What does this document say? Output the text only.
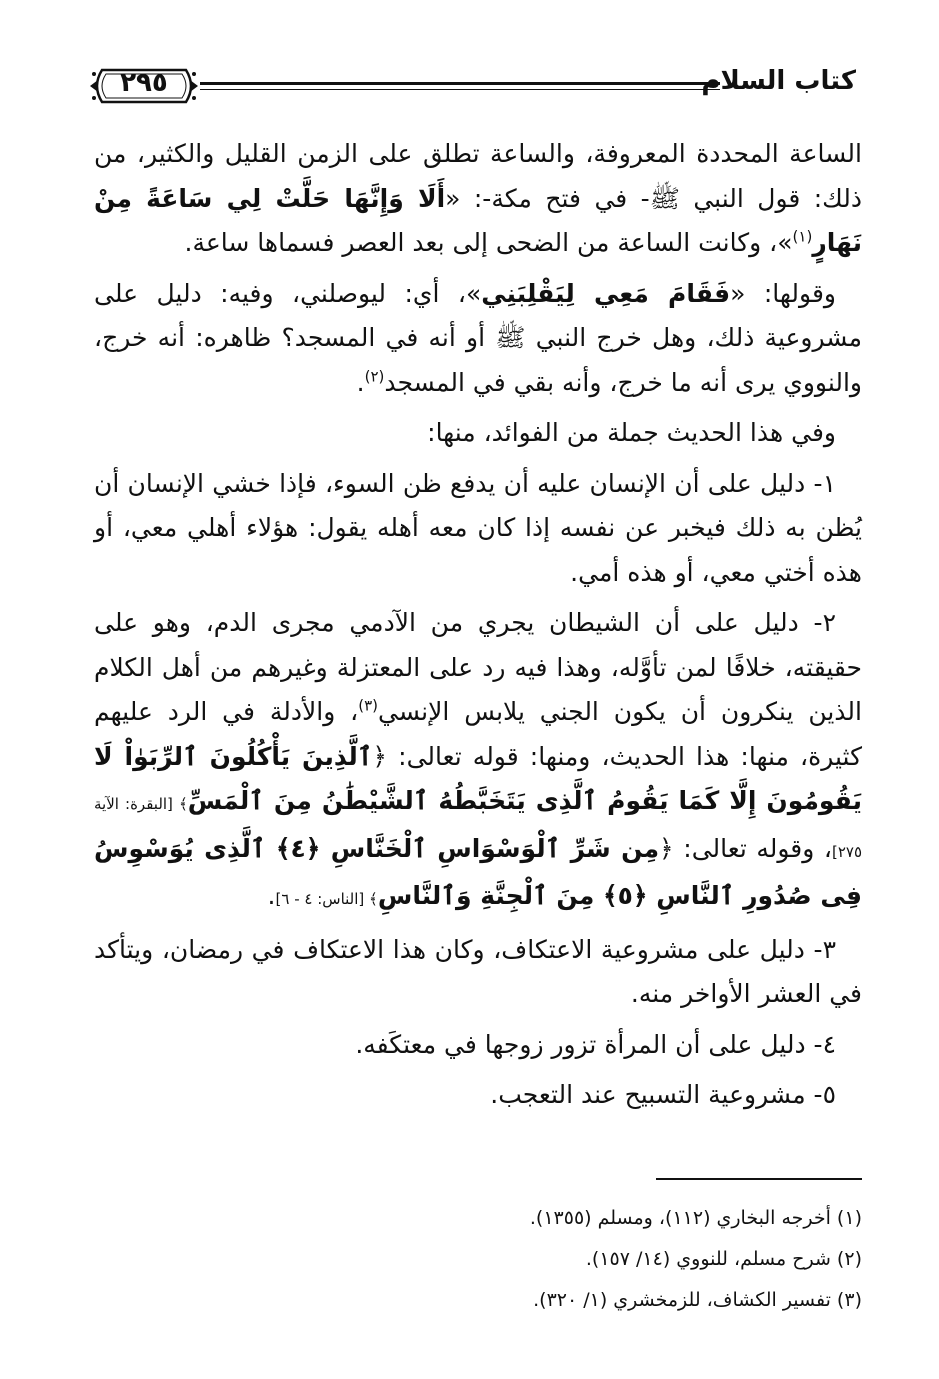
٢٩٥	كتاب السلام

الساعة المحددة المعروفة، والساعة تطلق على الزمن القليل والكثير، من ذلك: قول النبي ﷺ- في فتح مكة-: «أَلَا وَإِنَّهَا حَلَّتْ لِي سَاعَةً مِنْ نَهَارٍ$^{(١)}$»، وكانت الساعة من الضحى إلى بعد العصر فسماها ساعة.

وقولها: «فَقَامَ مَعِي لِيَقْلِبَنِي»، أي: ليوصلني، وفيه: دليل على مشروعية ذلك، وهل خرج النبي ﷺ أو أنه في المسجد؟ ظاهره: أنه خرج، والنووي يرى أنه ما خرج، وأنه بقي في المسجد$^{(٢)}$.

وفي هذا الحديث جملة من الفوائد، منها:

١- دليل على أن الإنسان عليه أن يدفع ظن السوء، فإذا خشي الإنسان أن يُظن به ذلك فيخبر عن نفسه إذا كان معه أهله يقول: هؤلاء أهلي معي، أو هذه أختي معي، أو هذه أمي.

٢- دليل على أن الشيطان يجري من الآدمي مجرى الدم، وهو على حقيقته، خلافًا لمن تأوَّله، وهذا فيه رد على المعتزلة وغيرهم من أهل الكلام الذين ينكرون أن يكون الجني يلابس الإنسي$^{(٣)}$، والأدلة في الرد عليهم كثيرة، منها: هذا الحديث، ومنها: قوله تعالى: ﴿ٱلَّذِينَ يَأْكُلُونَ ٱلرِّبَوٰاْ لَا يَقُومُونَ إِلَّا كَمَا يَقُومُ ٱلَّذِى يَتَخَبَّطُهُ ٱلشَّيْطَٰنُ مِنَ ٱلْمَسِّ﴾ [البقرة: الآية ٢٧٥]، وقوله تعالى: ﴿مِن شَرِّ ٱلْوَسْوَاسِ ٱلْخَنَّاسِ ﴿٤﴾ ٱلَّذِى يُوَسْوِسُ فِى صُدُورِ ٱلنَّاسِ ﴿٥﴾ مِنَ ٱلْجِنَّةِ وَٱلنَّاسِ﴾ [الناس: ٤ - ٦].

٣- دليل على مشروعية الاعتكاف، وكان هذا الاعتكاف في رمضان، ويتأكد في العشر الأواخر منه.

٤- دليل على أن المرأة تزور زوجها في معتكَفه.

٥- مشروعية التسبيح عند التعجب.

(١) أخرجه البخاري (١١٢)، ومسلم (١٣٥٥).
(٢) شرح مسلم، للنووي (١٤/ ١٥٧).
(٣) تفسير الكشاف، للزمخشري (١/ ٣٢٠).
